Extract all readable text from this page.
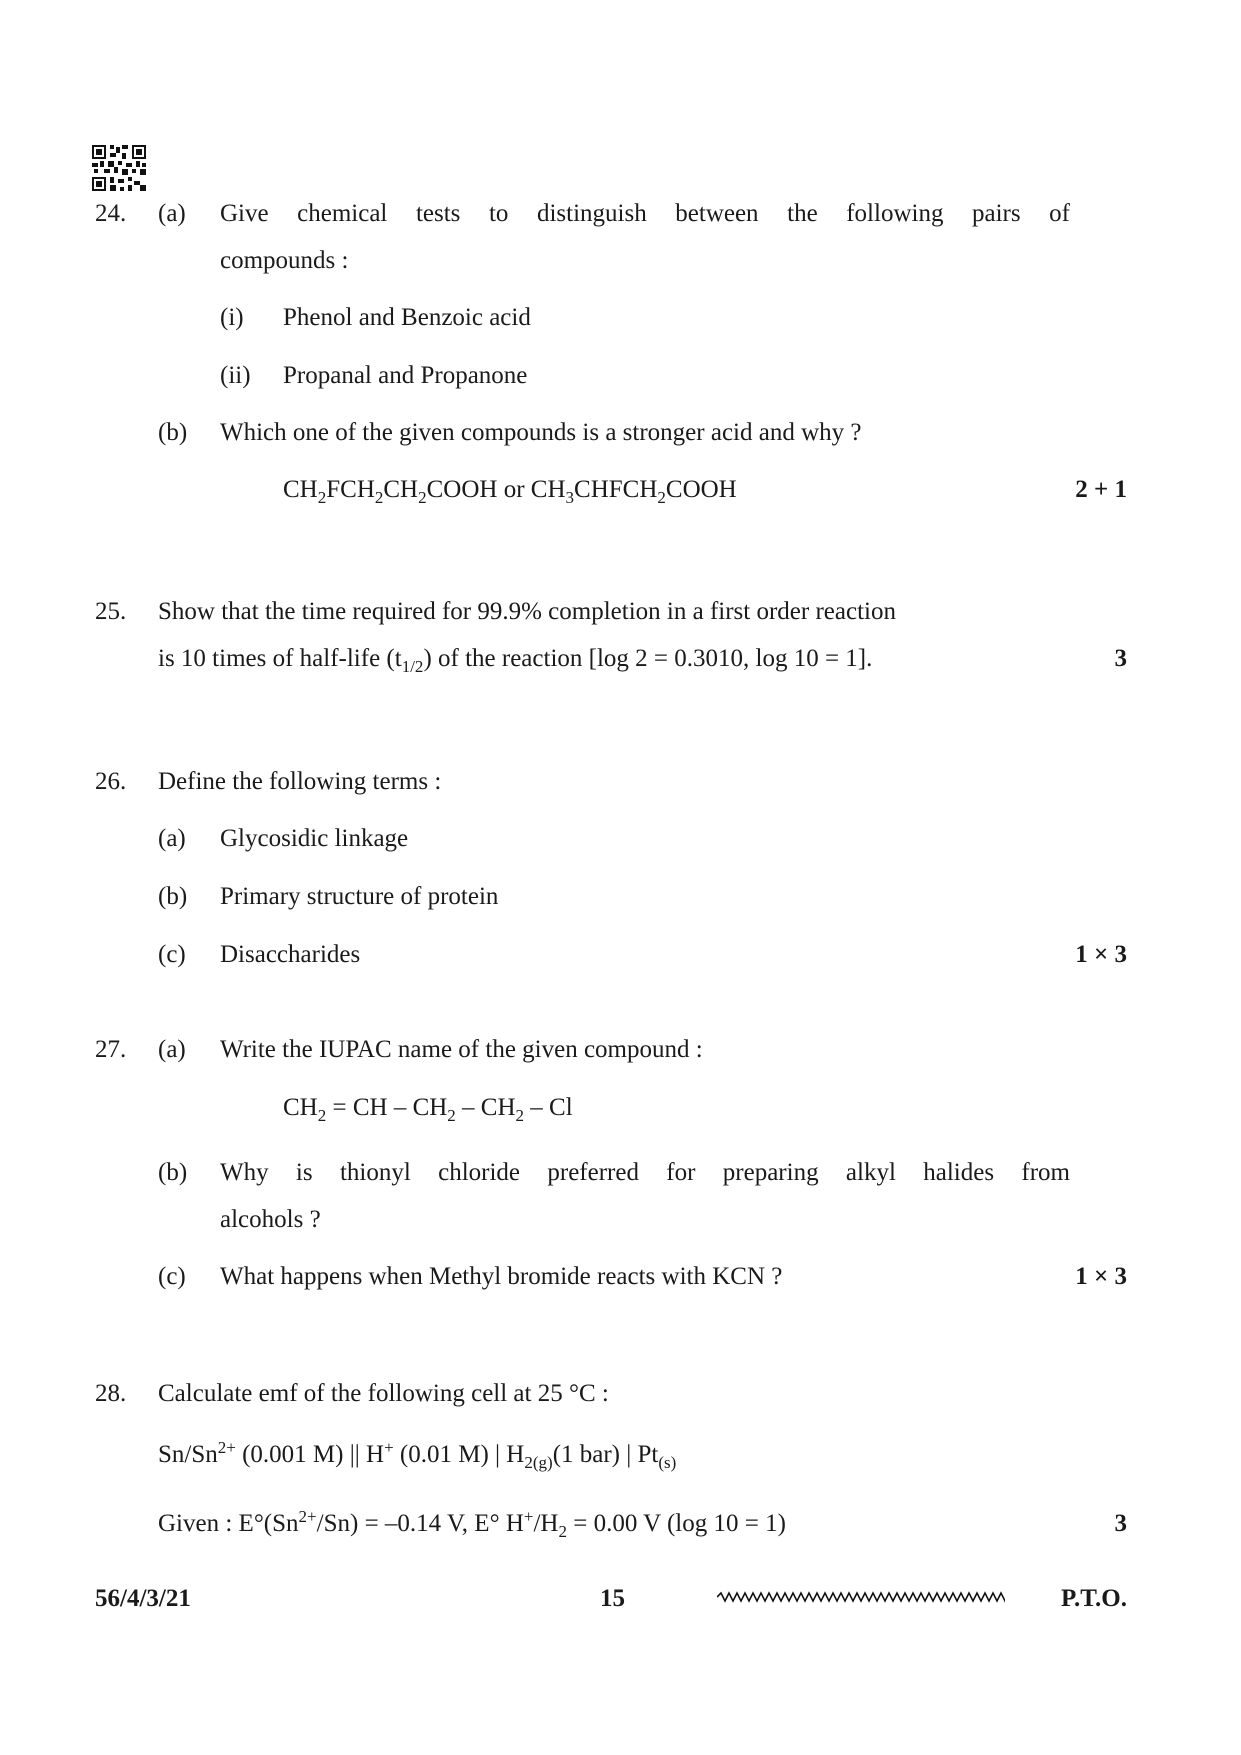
24. (a) Give chemical tests to distinguish between the following pairs of
compounds :
(i) Phenol and Benzoic acid
(ii) Propanal and Propanone
(b) Which one of the given compounds is a stronger acid and why ?
$CH_2FCH_2CH_2COOH$ or $CH_3CHFCH_2COOH$	2 + 1
25. Show that the time required for 99.9% completion in a first order reaction
is 10 times of half-life $(t_{1/2})$ of the reaction [log 2 = 0.3010, log 10 = 1].	3
26. Define the following terms :
(a) Glycosidic linkage
(b) Primary structure of protein
(c) Disaccharides	1 × 3
27. (a) Write the IUPAC name of the given compound :
$CH_2$ = CH – $CH_2 - CH_2$ – Cl
(b) Why is thionyl chloride preferred for preparing alkyl halides from
alcohols ?
(c) What happens when Methyl bromide reacts with KCN ?	1 × 3
28. Calculate emf of the following cell at 25 °C :
$Sn/Sn^{2+}$ (0.001 M) || H+ (0.01 M) | $H_{2(g)}(1$ bar) | $Pt_{(s)}$
Given : $E^\circ(Sn^{2+}/Sn) = -0.14$ V, E° $H^+/H_2 = 0.00$ V (log 10 = 1)	3
56/4/3/21	15	P.T.O.
